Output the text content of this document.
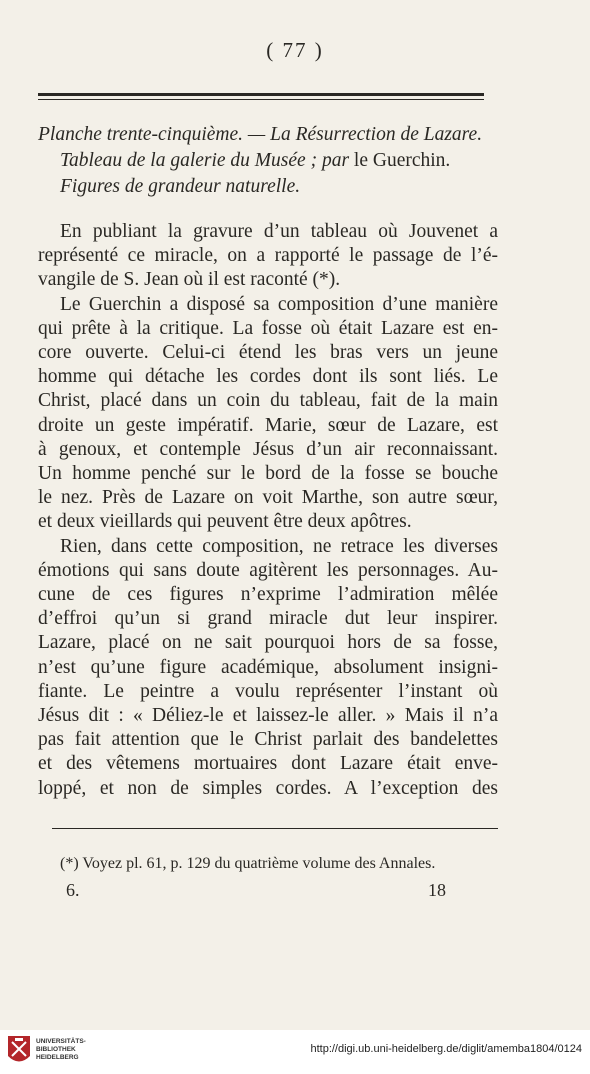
( 77 )
Planche trente-cinquième. — La Résurrection de Lazare.
Tableau de la galerie du Musée ; par le Guerchin.
Figures de grandeur naturelle.
En publiant la gravure d’un tableau où Jouvenet a
représenté ce miracle, on a rapporté le passage de l’é-
vangile de S. Jean où il est raconté (*).
Le Guerchin a disposé sa composition d’une manière
qui prête à la critique. La fosse où était Lazare est en-
core ouverte. Celui-ci étend les bras vers un jeune
homme qui détache les cordes dont ils sont liés. Le
Christ, placé dans un coin du tableau, fait de la main
droite un geste impératif. Marie, sœur de Lazare, est
à genoux, et contemple Jésus d’un air reconnaissant.
Un homme penché sur le bord de la fosse se bouche
le nez. Près de Lazare on voit Marthe, son autre sœur,
et deux vieillards qui peuvent être deux apôtres.
Rien, dans cette composition, ne retrace les diverses
émotions qui sans doute agitèrent les personnages. Au-
cune de ces figures n’exprime l’admiration mêlée
d’effroi qu’un si grand miracle dut leur inspirer.
Lazare, placé on ne sait pourquoi hors de sa fosse,
n’est qu’une figure académique, absolument insigni-
fiante. Le peintre a voulu représenter l’instant où
Jésus dit : « Déliez-le et laissez-le aller. » Mais il n’a
pas fait attention que le Christ parlait des bandelettes
et des vêtemens mortuaires dont Lazare était enve-
loppé, et non de simples cordes. A l’exception des
(*) Voyez pl. 61, p. 129 du quatrième volume des Annales.
6.	18
UNIVERSITÄTS-
BIBLIOTHEK
HEIDELBERG
http://digi.ub.uni-heidelberg.de/diglit/amemba1804/0124
